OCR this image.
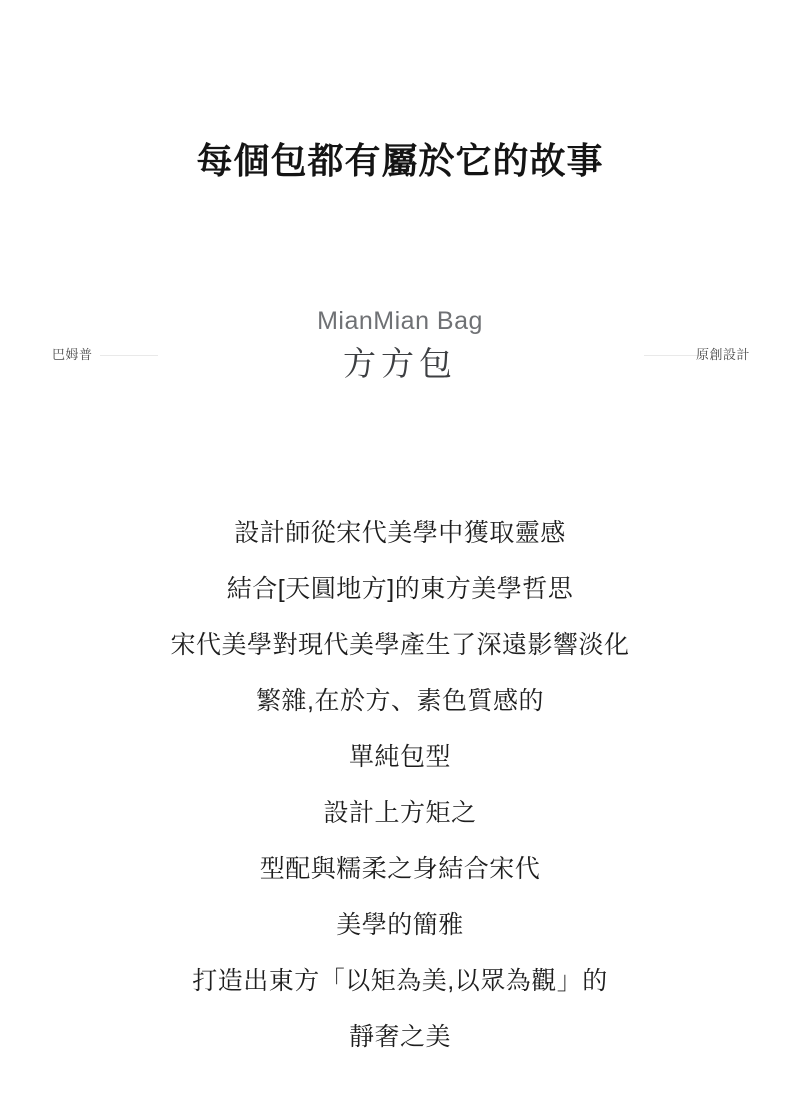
每個包都有屬於它的故事
MianMian Bag
方方包
巴姆普	原創設計

設計師從宋代美學中獲取靈感

結合[天圓地方]的東方美學哲思

宋代美學對現代美學產生了深遠影響淡化

繁雜,在於方、素色質感的

單純包型

設計上方矩之

型配與糯柔之身結合宋代

美學的簡雅

打造出東方「以矩為美,以眾為觀」的

靜奢之美
